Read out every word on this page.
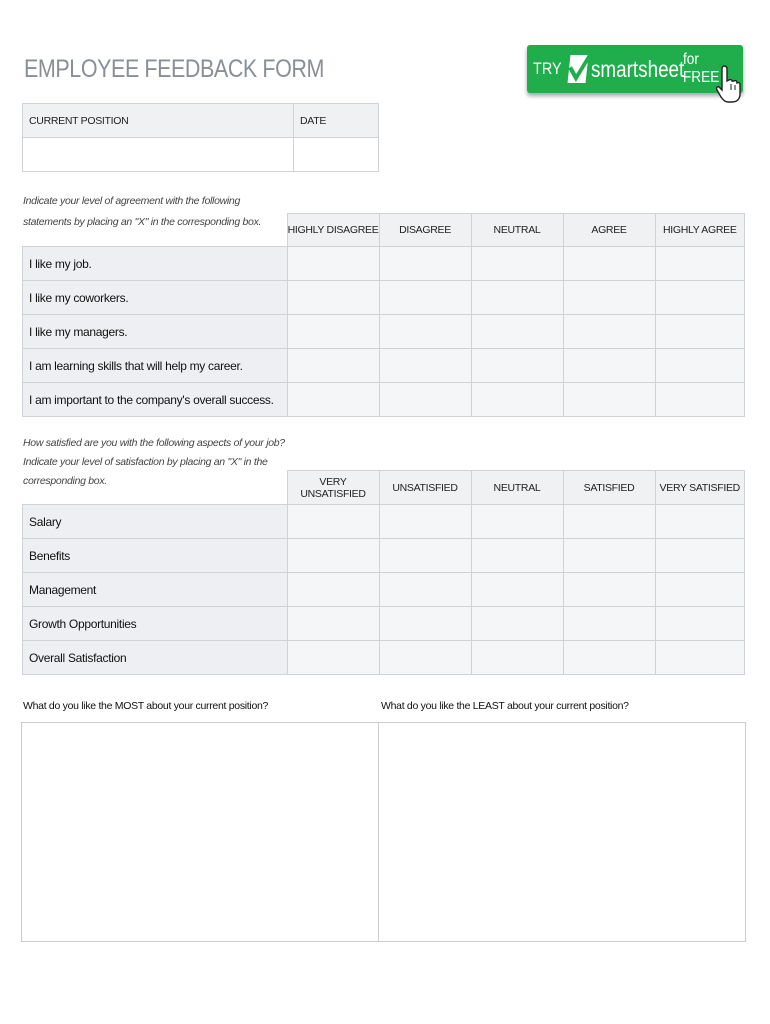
EMPLOYEE FEEDBACK FORM	TRY smartsheet
for FREE
CURRENT POSITION	DATE

Indicate your level of agreement with the following
statements by placing an "X" in the corresponding box.
	HIGHLY DISAGREE	DISAGREE	NEUTRAL	AGREE	HIGHLY AGREE
I like my job.					
I like my coworkers.					
I like my managers.					
I am learning skills that will help my career.					
I am important to the company's overall success.					
How satisfied are you with the following aspects of your job?
Indicate your level of satisfaction by placing an "X" in the
corresponding box.
		VERY UNSATISFIED	UNSATISFIED	NEUTRAL	SATISFIED	VERY SATISFIED
Salary					
Benefits					
Management					
Growth Opportunities					
Overall Satisfaction					
What do you like the MOST about your current position?	What do you like the LEAST about your current position?
